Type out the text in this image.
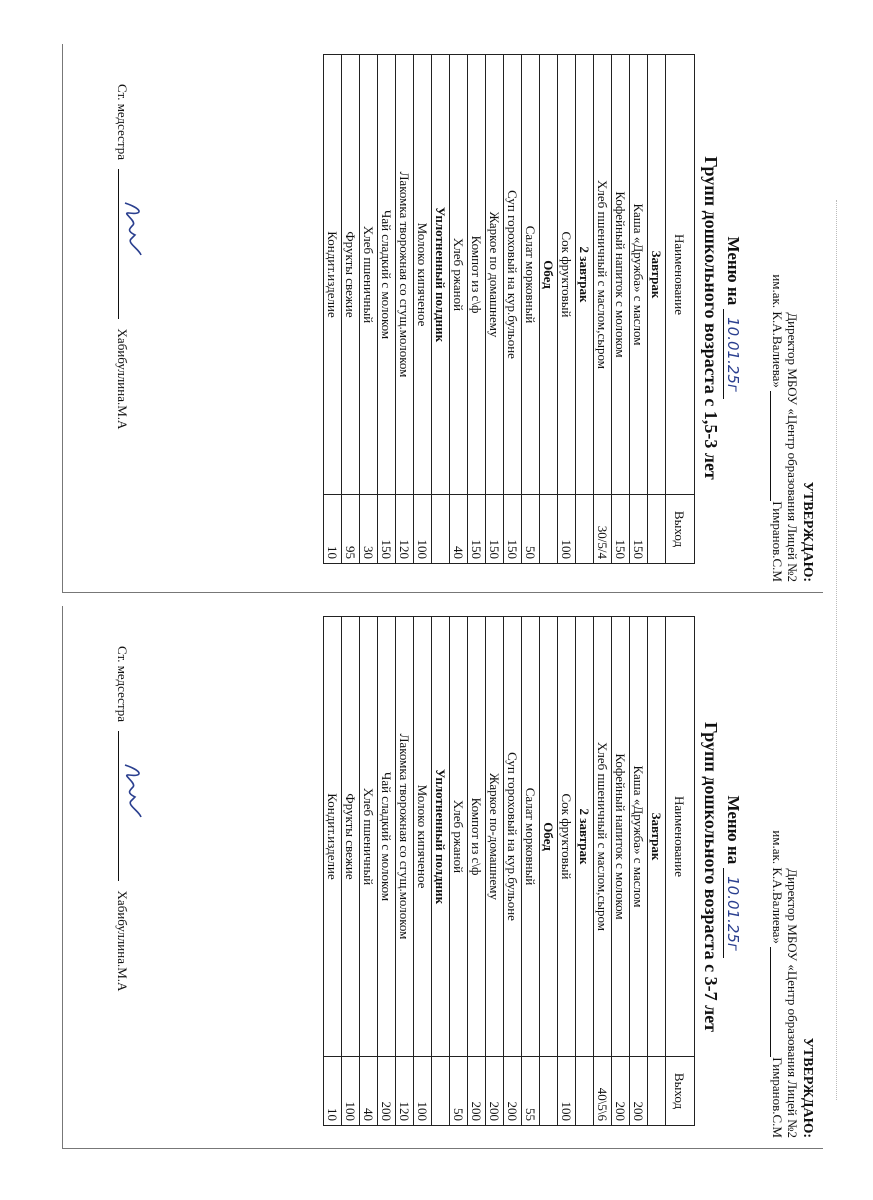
УТВЕРЖДАЮ:
Директор МБОУ «Центр образования Лицей №2
им.ак. К.А.Валиева» Гимранов.С.М
Меню на 10.01.25г
Групп дошкольного возраста с 1,5-3 лет
Наименование	Выход
Завтрак	
Каша «Дружба» с маслом	150
Кофейный напиток с молоком	150
Хлеб пшеничный с маслом,сыром	30/5/4
2 завтрак	
Сок фруктовый	100
Обед	
Салат морковный	50
Суп гороховый на кур.бульоне	150
Жаркое по домашнему	150
Компот из с\ф	150
Хлеб ржаной	40
Уплотненный полдник	
Молоко кипяченое	100
Лакомка творожная со сгущ.молоком	120
Чай сладкий с молоком	150
Хлеб пшеничный	30
Фрукты свежие	95
Кондит.изделие	10
Ст. медсестра
Хабибуллина.М.А
УТВЕРЖДАЮ:
Директор МБОУ «Центр образования Лицей №2
им.ак. К.А.Валиева» Гимранов.С.М
Меню на 10.01.25г
Групп дошкольного возраста с 3-7 лет
Наименование	Выход
Завтрак	
Каша «Дружба» с маслом	200
Кофейный напиток с молоком	200
Хлеб пшеничный с маслом,сыром	40\5\6
2 завтрак	
Сок фруктовый	100
Обед	
Салат морковный	55
Суп гороховый на кур.бульоне	200
Жаркое по-домашнему	200
Компот из с\ф	200
Хлеб ржаной	50
Уплотненный полдник	
Молоко кипяченое	100
Лакомка творожная со сгущ.молоком	120
Чай сладкий с молоком	200
Хлеб пшеничный	40
Фрукты свежие	100
Кондит.изделие	10
Ст. медсестра
Хабибуллина.М.А
